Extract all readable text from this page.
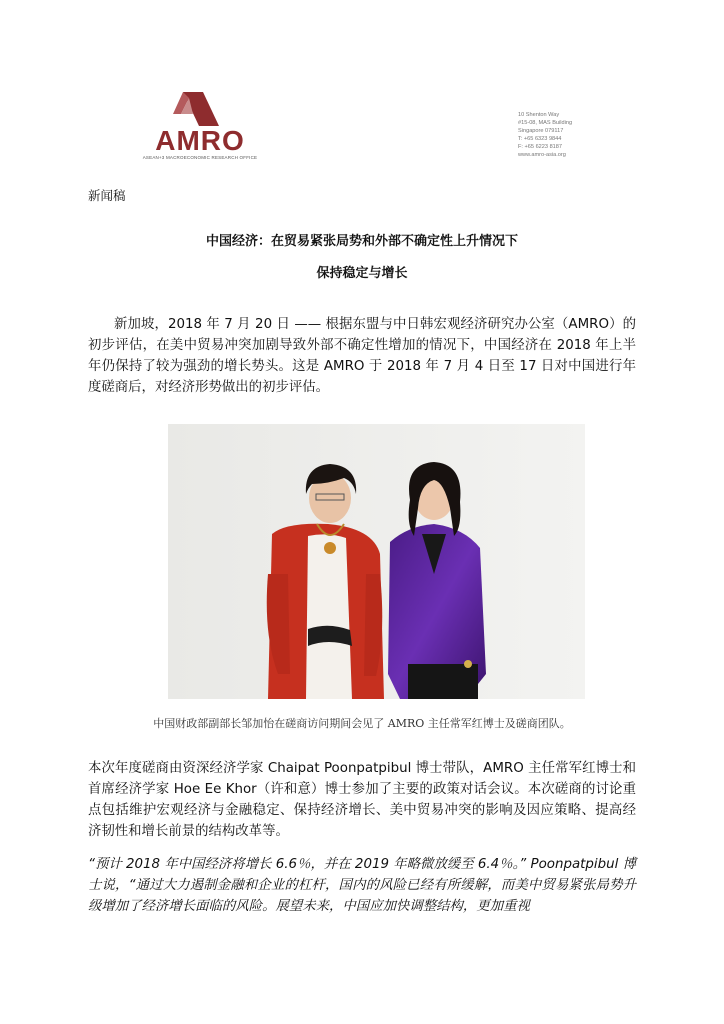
AMRO
ASEAN+3 MACROECONOMIC RESEARCH OFFICE
10 Shenton Way
#15-08, MAS Building
Singapore 079117
T: +65 6323 9844
F: +65 6223 8187
www.amro-asia.org
新闻稿
中国经济：在贸易紧张局势和外部不确定性上升情况下
保持稳定与增长
新加坡，2018 年 7 月 20 日 —— 根据东盟与中日韩宏观经济研究办公室（AMRO）的初步评估，在美中贸易冲突加剧导致外部不确定性增加的情况下，中国经济在 2018 年上半年仍保持了较为强劲的增长势头。这是 AMRO 于 2018 年 7 月 4 日至 17 日对中国进行年度磋商后，对经济形势做出的初步评估。
中国财政部副部长邹加怡在磋商访问期间会见了 AMRO 主任常军红博士及磋商团队。
本次年度磋商由资深经济学家 Chaipat Poonpatpibul 博士带队，AMRO 主任常军红博士和首席经济学家 Hoe Ee Khor（许和意）博士参加了主要的政策对话会议。本次磋商的讨论重点包括维护宏观经济与金融稳定、保持经济增长、美中贸易冲突的影响及因应策略、提高经济韧性和增长前景的结构改革等。
“预计 2018 年中国经济将增长 6.6％，并在 2019 年略微放缓至 6.4％。” Poonpatpibul 博士说，“通过大力遏制金融和企业的杠杆，国内的风险已经有所缓解，而美中贸易紧张局势升级增加了经济增长面临的风险。展望未来，中国应加快调整结构，更加重视
